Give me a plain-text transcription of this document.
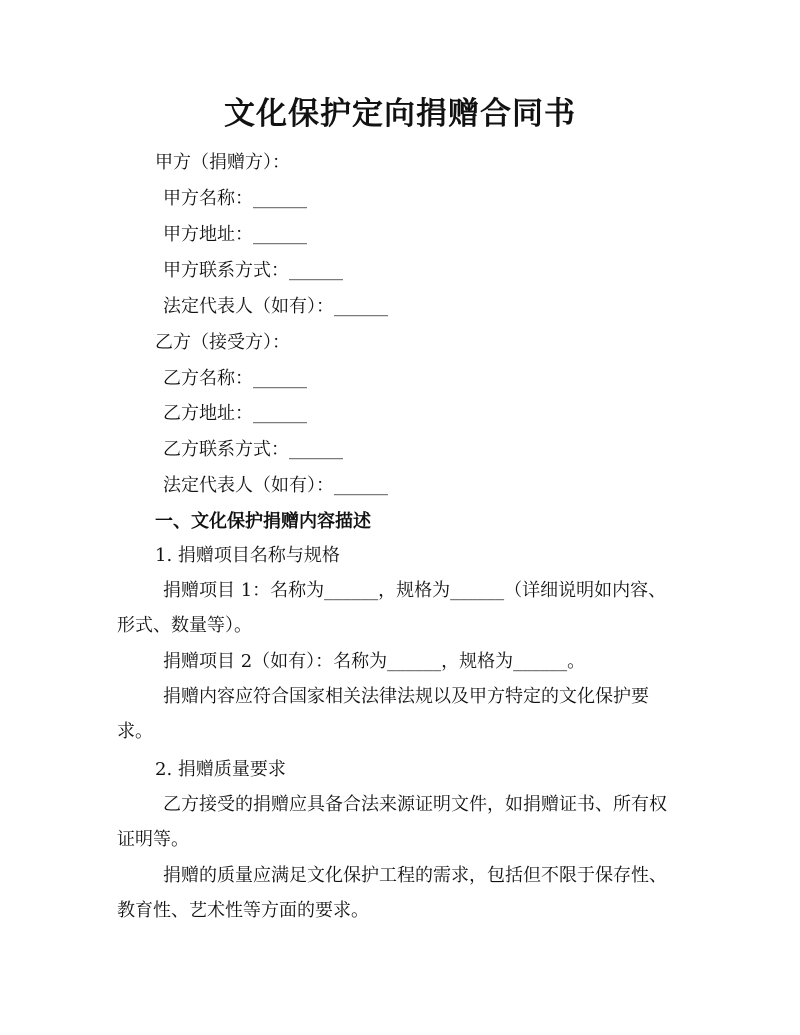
文化保护定向捐赠合同书
甲方（捐赠方）：
甲方名称：______
甲方地址：______
甲方联系方式：______
法定代表人（如有）：______
乙方（接受方）：
乙方名称：______
乙方地址：______
乙方联系方式：______
法定代表人（如有）：______
一、文化保护捐赠内容描述
1. 捐赠项目名称与规格
捐赠项目 1：名称为______，规格为______（详细说明如内容、
形式、数量等）。
捐赠项目 2（如有）：名称为______，规格为______。
捐赠内容应符合国家相关法律法规以及甲方特定的文化保护要
求。
2. 捐赠质量要求
乙方接受的捐赠应具备合法来源证明文件，如捐赠证书、所有权
证明等。
捐赠的质量应满足文化保护工程的需求，包括但不限于保存性、
教育性、艺术性等方面的要求。
